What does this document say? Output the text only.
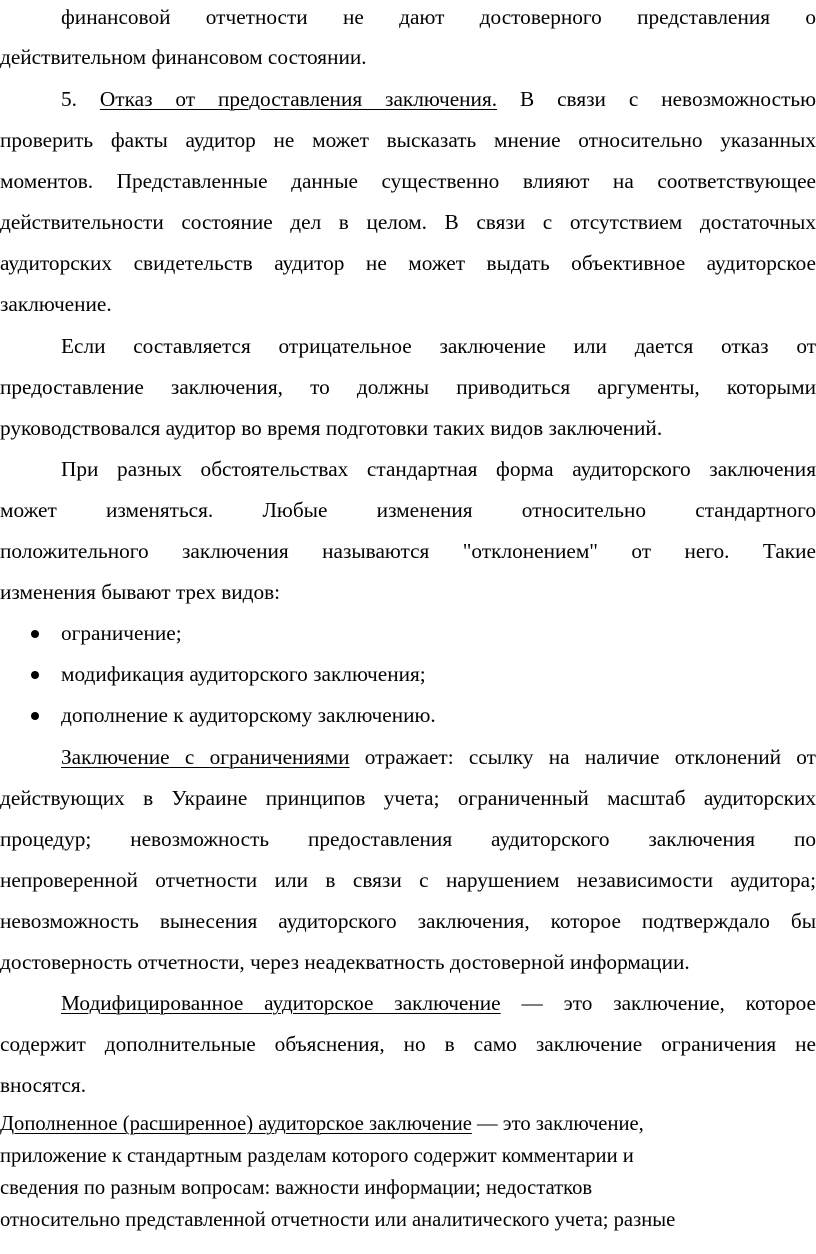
финансовой отчетности не дают достоверного представления о
действительном финансовом состоянии.
5. Отказ от предоставления заключения. В связи с невозможностью
проверить факты аудитор не может высказать мнение относительно указанных
моментов. Представленные данные существенно влияют на соответствующее
действительности состояние дел в целом. В связи с отсутствием достаточных
аудиторских свидетельств аудитор не может выдать объективное аудиторское
заключение.
Если составляется отрицательное заключение или дается отказ от
предоставление заключения, то должны приводиться аргументы, которыми
руководствовался аудитор во время подготовки таких видов заключений.
При разных обстоятельствах стандартная форма аудиторского заключения
может изменяться. Любые изменения относительно стандартного
положительного заключения называются "отклонением" от него. Такие
изменения бывают трех видов:
ограничение;
модификация аудиторского заключения;
дополнение к аудиторскому заключению.
Заключение с ограничениями отражает: ссылку на наличие отклонений от
действующих в Украине принципов учета; ограниченный масштаб аудиторских
процедур; невозможность предоставления аудиторского заключения по
непроверенной отчетности или в связи с нарушением независимости аудитора;
невозможность вынесения аудиторского заключения, которое подтверждало бы
достоверность отчетности, через неадекватность достоверной информации.
Модифицированное аудиторское заключение — это заключение, которое
содержит дополнительные объяснения, но в само заключение ограничения не
вносятся.
Дополненное (расширенное) аудиторское заключение — это заключение,
приложение к стандартным разделам которого содержит комментарии и
сведения по разным вопросам: важности информации; недостатков
относительно представленной отчетности или аналитического учета; разные
